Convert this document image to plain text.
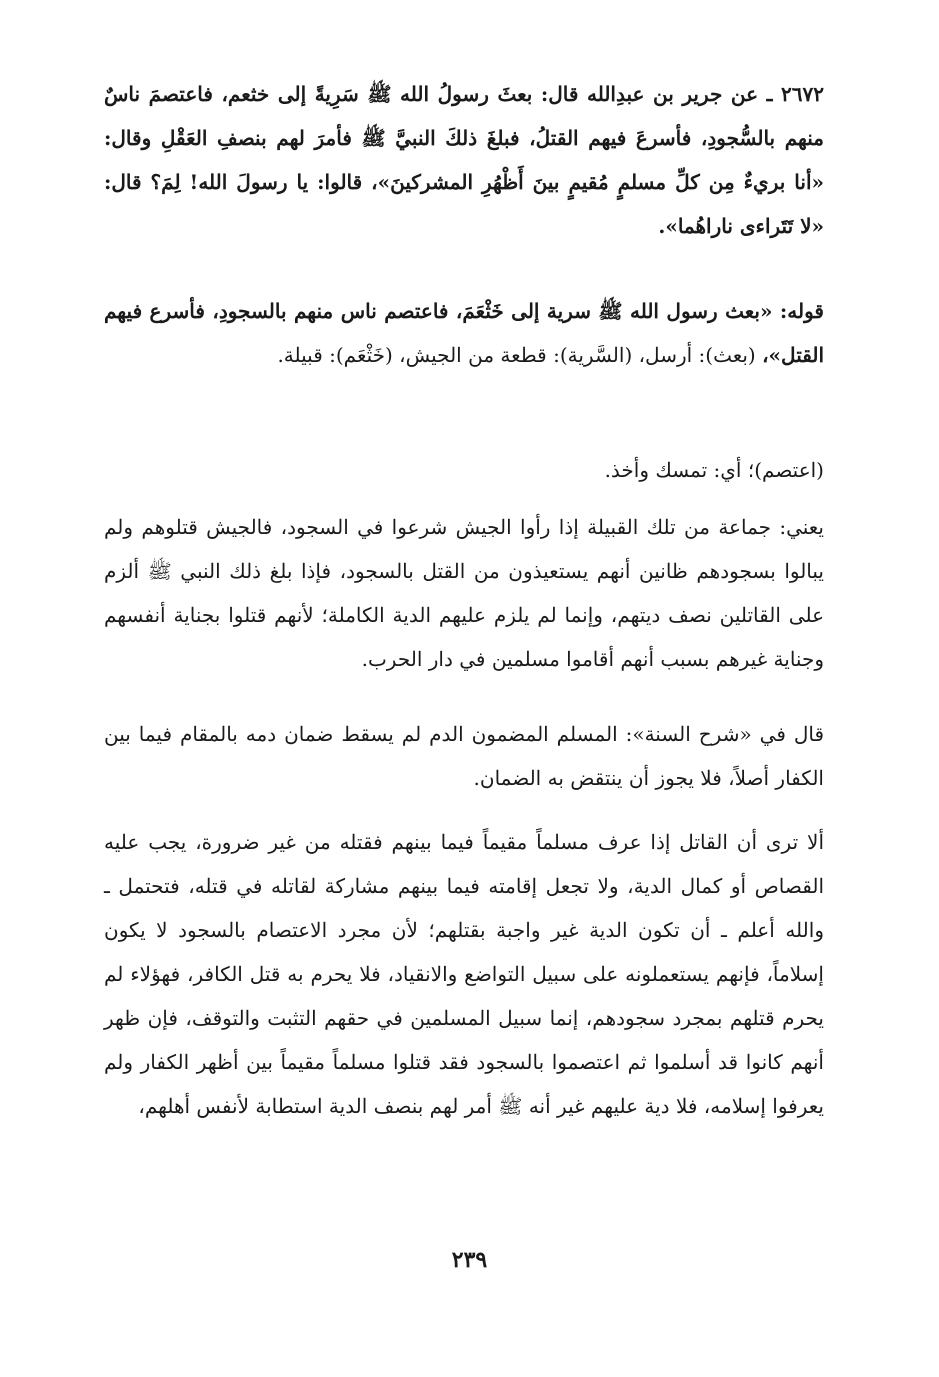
٢٦٧٢ ـ عن جرير بن عبدِالله قال: بعثَ رسولُ الله ﷺ سَرِيةً إلى خثعم، فاعتصمَ ناسٌ منهم بالسُّجودِ، فأسرعَ فيهم القتلُ، فبلغَ ذلكَ النبيَّ ﷺ فأمرَ لهم بنصفِ العَقْلِ وقال: «أنا بريءٌ مِن كلِّ مسلمٍ مُقيمٍ بينَ أَظْهُرِ المشركينَ»، قالوا: يا رسولَ الله! لِمَ؟ قال: «لا تَتَراءى ناراهُما».

قوله: «بعث رسول الله ﷺ سرية إلى خَثْعَمَ، فاعتصم ناس منهم بالسجودِ، فأسرع فيهم القتل»، (بعث): أرسل، (السَّرية): قطعة من الجيش، (خَثْعَم): قبيلة.

(اعتصم)؛ أي: تمسك وأخذ.

يعني: جماعة من تلك القبيلة إذا رأوا الجيش شرعوا في السجود، فالجيش قتلوهم ولم يبالوا بسجودهم ظانين أنهم يستعيذون من القتل بالسجود، فإذا بلغ ذلك النبي ﷺ ألزم على القاتلين نصف ديتهم، وإنما لم يلزم عليهم الدية الكاملة؛ لأنهم قتلوا بجناية أنفسهم وجناية غيرهم بسبب أنهم أقاموا مسلمين في دار الحرب.

قال في «شرح السنة»: المسلم المضمون الدم لم يسقط ضمان دمه بالمقام فيما بين الكفار أصلاً، فلا يجوز أن ينتقض به الضمان.

ألا ترى أن القاتل إذا عرف مسلماً مقيماً فيما بينهم فقتله من غير ضرورة، يجب عليه القصاص أو كمال الدية، ولا تجعل إقامته فيما بينهم مشاركة لقاتله في قتله، فتحتمل ـ والله أعلم ـ أن تكون الدية غير واجبة بقتلهم؛ لأن مجرد الاعتصام بالسجود لا يكون إسلاماً، فإنهم يستعملونه على سبيل التواضع والانقياد، فلا يحرم به قتل الكافر، فهؤلاء لم يحرم قتلهم بمجرد سجودهم، إنما سبيل المسلمين في حقهم التثبت والتوقف، فإن ظهر أنهم كانوا قد أسلموا ثم اعتصموا بالسجود فقد قتلوا مسلماً مقيماً بين أظهر الكفار ولم يعرفوا إسلامه، فلا دية عليهم غير أنه ﷺ أمر لهم بنصف الدية استطابة لأنفس أهلهم،

٢٣٩
